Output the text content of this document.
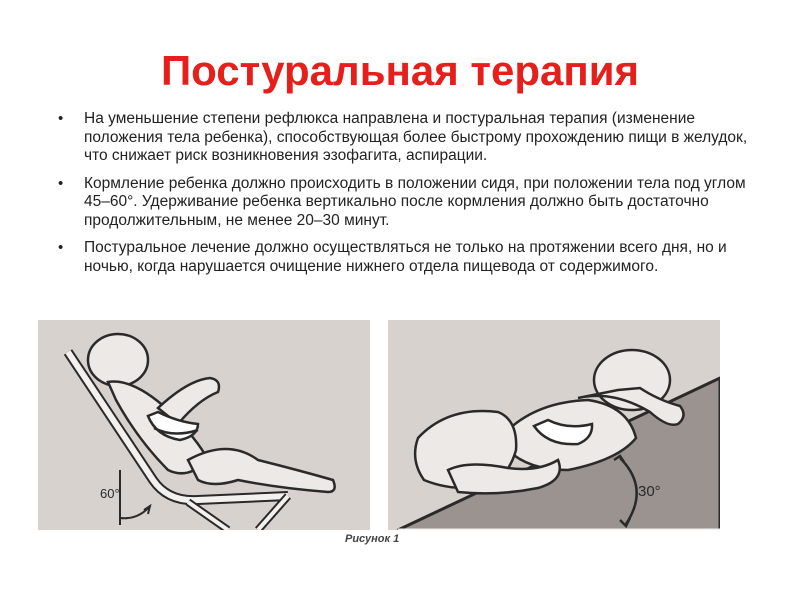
Постуральная терапия
• На уменьшение степени рефлюкса направлена и постуральная терапия (изменение положения тела ребенка), способствующая более быстрому прохождению пищи в желудок, что снижает риск возникновения эзофагита, аспирации.
• Кормление ребенка должно происходить в положении сидя, при положении тела под углом 45–60°. Удерживание ребенка вертикально после кормления должно быть достаточно продолжительным, не менее 20–30 минут.
• Постуральное лечение должно осуществляться не только на протяжении всего дня, но и ночью, когда нарушается очищение нижнего отдела пищевода от содержимого.
60°	30°
Рисунок 1
